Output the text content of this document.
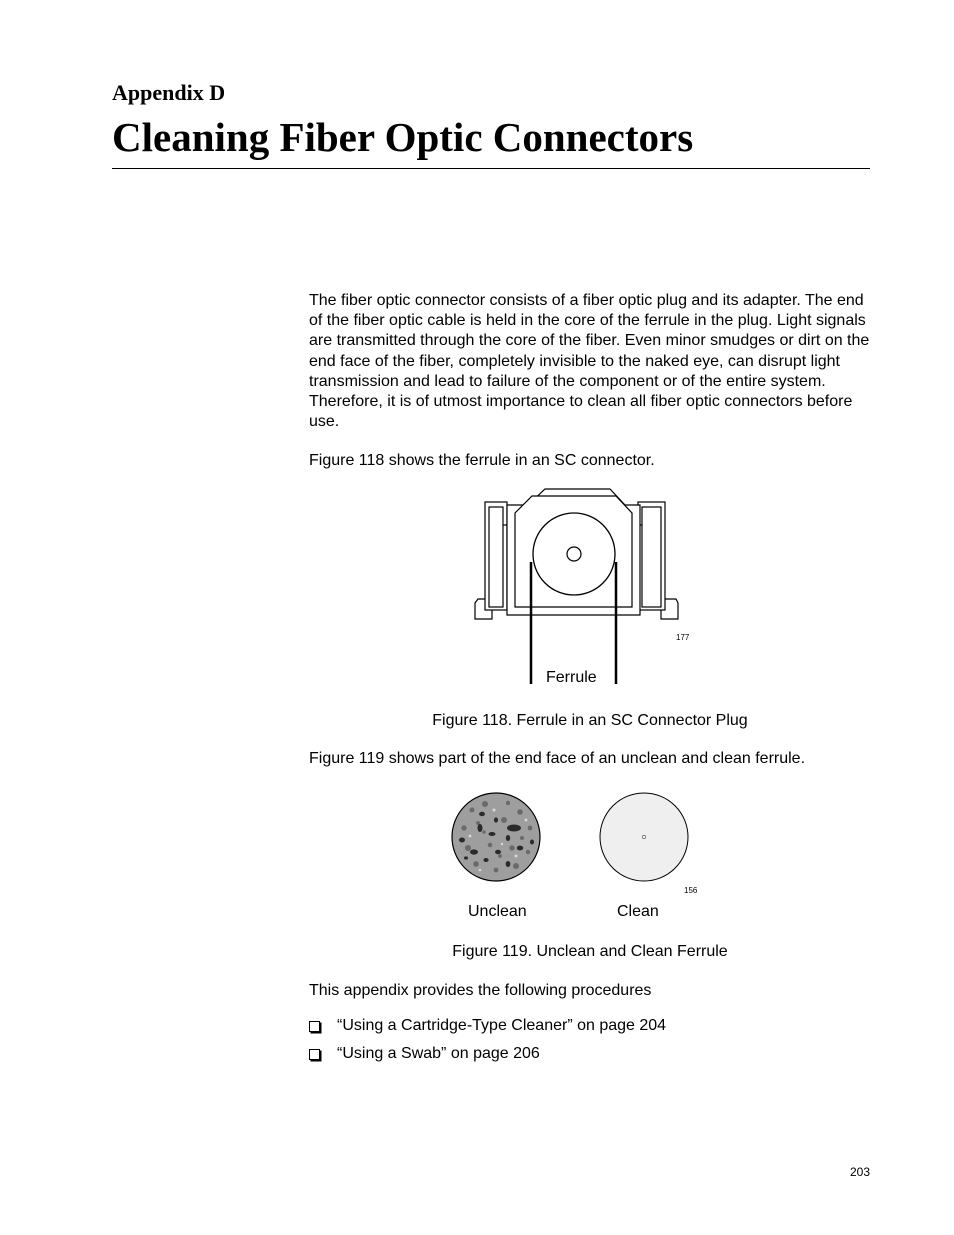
Appendix D
Cleaning Fiber Optic Connectors

The fiber optic connector consists of a fiber optic plug and its adapter. The end of the fiber optic cable is held in the core of the ferrule in the plug. Light signals are transmitted through the core of the fiber. Even minor smudges or dirt on the end face of the fiber, completely invisible to the naked eye, can disrupt light transmission and lead to failure of the component or of the entire system. Therefore, it is of utmost importance to clean all fiber optic connectors before use.

Figure 118 shows the ferrule in an SC connector.

177
Ferrule
Figure 118. Ferrule in an SC Connector Plug

Figure 119 shows part of the end face of an unclean and clean ferrule.

156
Unclean	Clean
Figure 119. Unclean and Clean Ferrule

This appendix provides the following procedures

“Using a Cartridge-Type Cleaner” on page 204
“Using a Swab” on page 206
203
